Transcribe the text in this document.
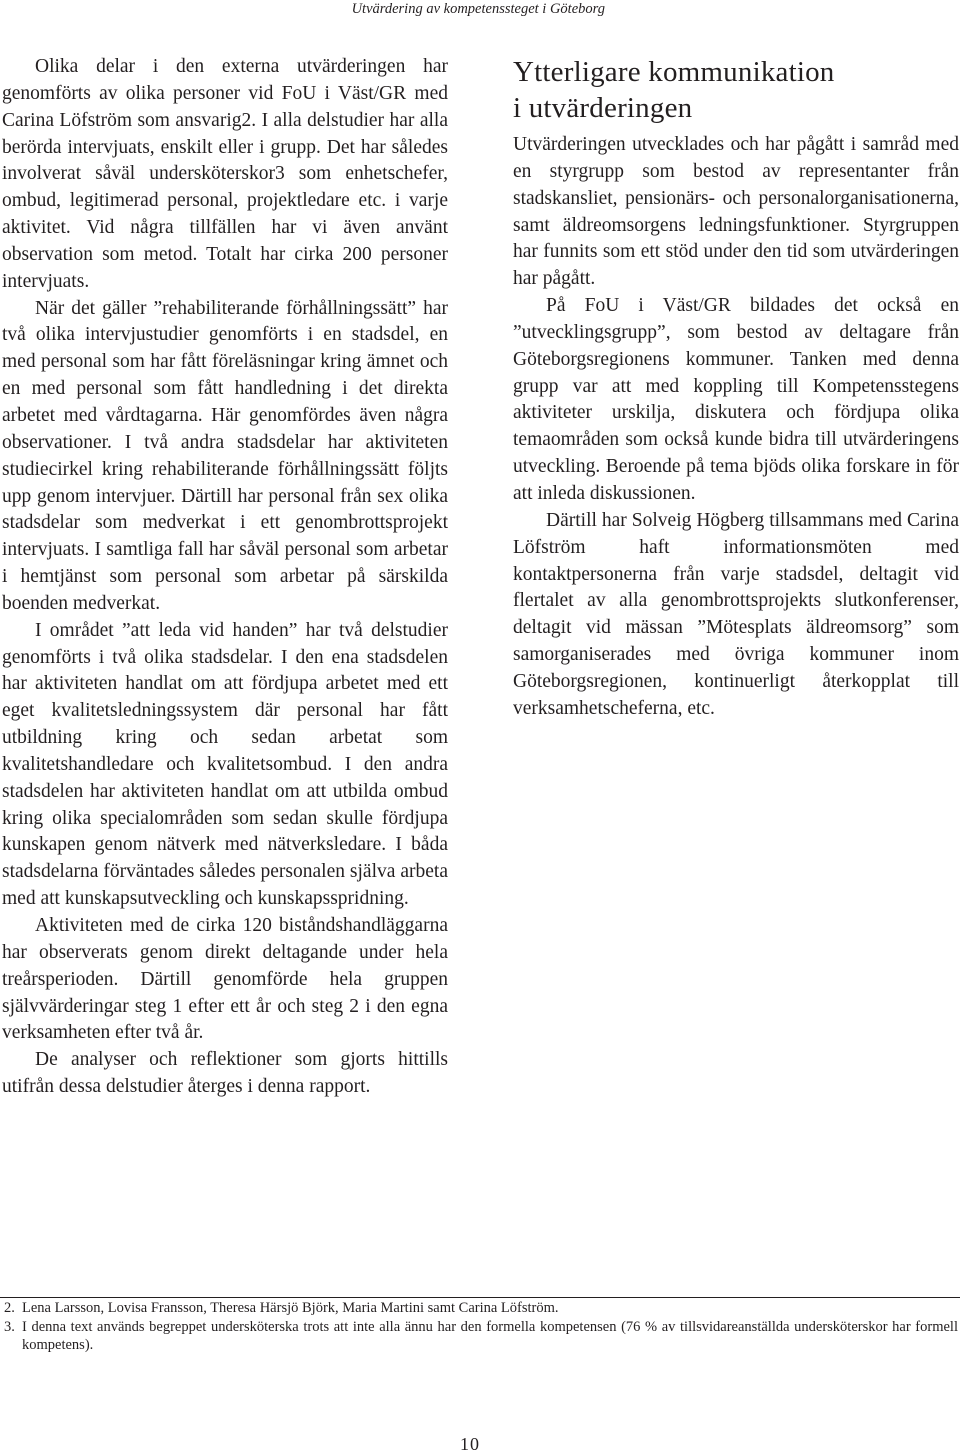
Utvärdering av kompetenssteget i Göteborg

Olika delar i den externa utvärderingen har genomförts av olika personer vid FoU i Väst/GR med Carina Löfström som ansvarig2. I alla delstudier har alla berörda intervjuats, enskilt eller i grupp. Det har således involverat såväl undersköterskor3 som enhetschefer, ombud, legitimerad personal, projektledare etc. i varje aktivitet. Vid några tillfällen har vi även använt observation som metod. Totalt har cirka 200 personer intervjuats.

När det gäller ”rehabiliterande förhållningssätt” har två olika intervjustudier genomförts i en stadsdel, en med personal som har fått föreläsningar kring ämnet och en med personal som fått handledning i det direkta arbetet med vårdtagarna. Här genomfördes även några observationer. I två andra stadsdelar har aktiviteten studiecirkel kring rehabiliterande förhållningssätt följts upp genom intervjuer. Därtill har personal från sex olika stadsdelar som medverkat i ett genombrottsprojekt intervjuats. I samtliga fall har såväl personal som arbetar i hemtjänst som personal som arbetar på särskilda boenden medverkat.

I området ”att leda vid handen” har två delstudier genomförts i två olika stadsdelar. I den ena stadsdelen har aktiviteten handlat om att fördjupa arbetet med ett eget kvalitetsledningssystem där personal har fått utbildning kring och sedan arbetat som kvalitetshandledare och kvalitetsombud. I den andra stadsdelen har aktiviteten handlat om att utbilda ombud kring olika specialområden som sedan skulle fördjupa kunskapen genom nätverk med nätverksledare. I båda stadsdelarna förväntades således personalen själva arbeta med att kunskapsutveckling och kunskapsspridning.

Aktiviteten med de cirka 120 biståndshandläggarna har observerats genom direkt deltagande under hela treårsperioden. Därtill genomförde hela gruppen självvärderingar steg 1 efter ett år och steg 2 i den egna verksamheten efter två år.

De analyser och reflektioner som gjorts hittills utifrån dessa delstudier återges i denna rapport.

Ytterligare kommunikation
i utvärderingen

Utvärderingen utvecklades och har pågått i samråd med en styrgrupp som bestod av representanter från stadskansliet, pensionärs- och personalorganisationerna, samt äldreomsorgens ledningsfunktioner. Styrgruppen har funnits som ett stöd under den tid som utvärderingen har pågått.

På FoU i Väst/GR bildades det också en ”utvecklingsgrupp”, som bestod av deltagare från Göteborgsregionens kommuner. Tanken med denna grupp var att med koppling till Kompetensstegens aktiviteter urskilja, diskutera och fördjupa olika temaområden som också kunde bidra till utvärderingens utveckling. Beroende på tema bjöds olika forskare in för att inleda diskussionen.

Därtill har Solveig Högberg tillsammans med Carina Löfström haft informationsmöten med kontaktpersonerna från varje stadsdel, deltagit vid flertalet av alla genombrottsprojekts slutkonferenser, deltagit vid mässan ”Mötesplats äldreomsorg” som samorganiserades med övriga kommuner inom Göteborgsregionen, kontinuerligt återkopplat till verksamhetscheferna, etc.

2. Lena Larsson, Lovisa Fransson, Theresa Härsjö Björk, Maria Martini samt Carina Löfström.

3. I denna text används begreppet undersköterska trots att inte alla ännu har den formella kompetensen (76 % av tillsvidareanställda undersköterskor har formell kompetens).

10
